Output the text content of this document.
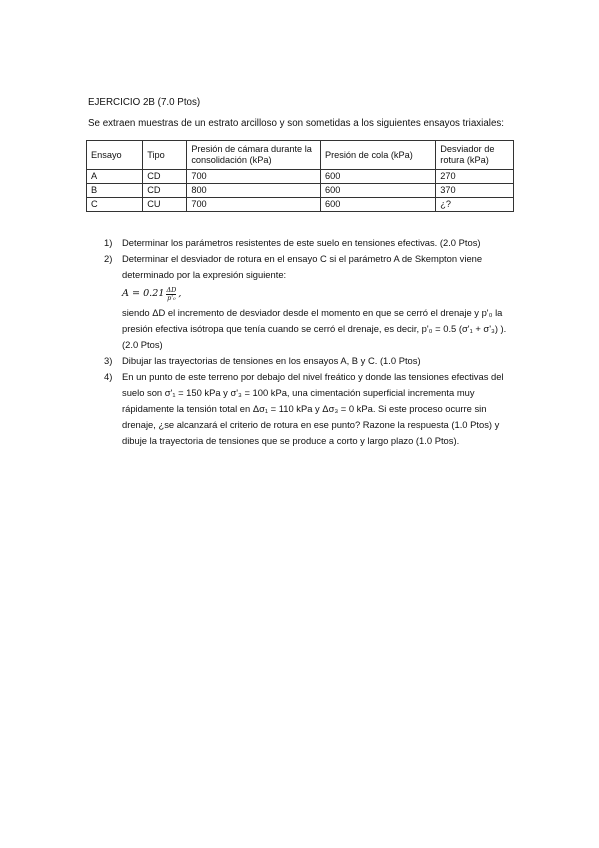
EJERCICIO 2B (7.0 Ptos)
Se extraen muestras de un estrato arcilloso y son sometidas a los siguientes ensayos triaxiales:
Ensayo	Tipo	Presión de cámara durante la consolidación (kPa)	Presión de cola (kPa)	Desviador de rotura (kPa)
A	CD	700	600	270
B	CD	800	600	370
C	CU	700	600	¿?
1) Determinar los parámetros resistentes de este suelo en tensiones efectivas. (2.0 Ptos)
2) Determinar el desviador de rotura en el ensayo C si el parámetro A de Skempton viene determinado por la expresión siguiente:
$A = 0.21 \frac{\Delta D}{\text{p'₀}}$ ,
siendo ΔD el incremento de desviador desde el momento en que se cerró el drenaje y p'₀ la presión efectiva isótropa que tenía cuando se cerró el drenaje, es decir, p'₀ = 0.5 (σ'₁ + σ'₃) ). (2.0 Ptos)
3) Dibujar las trayectorias de tensiones en los ensayos A, B y C. (1.0 Ptos)
4) En un punto de este terreno por debajo del nivel freático y donde las tensiones efectivas del suelo son σ'₁ = 150 kPa y σ'₃ = 100 kPa, una cimentación superficial incrementa muy rápidamente la tensión total en Δσ₁ = 110 kPa y Δσ₃ = 0 kPa. Si este proceso ocurre sin drenaje, ¿se alcanzará el criterio de rotura en ese punto? Razone la respuesta (1.0 Ptos) y dibuje la trayectoria de tensiones que se produce a corto y largo plazo (1.0 Ptos).
